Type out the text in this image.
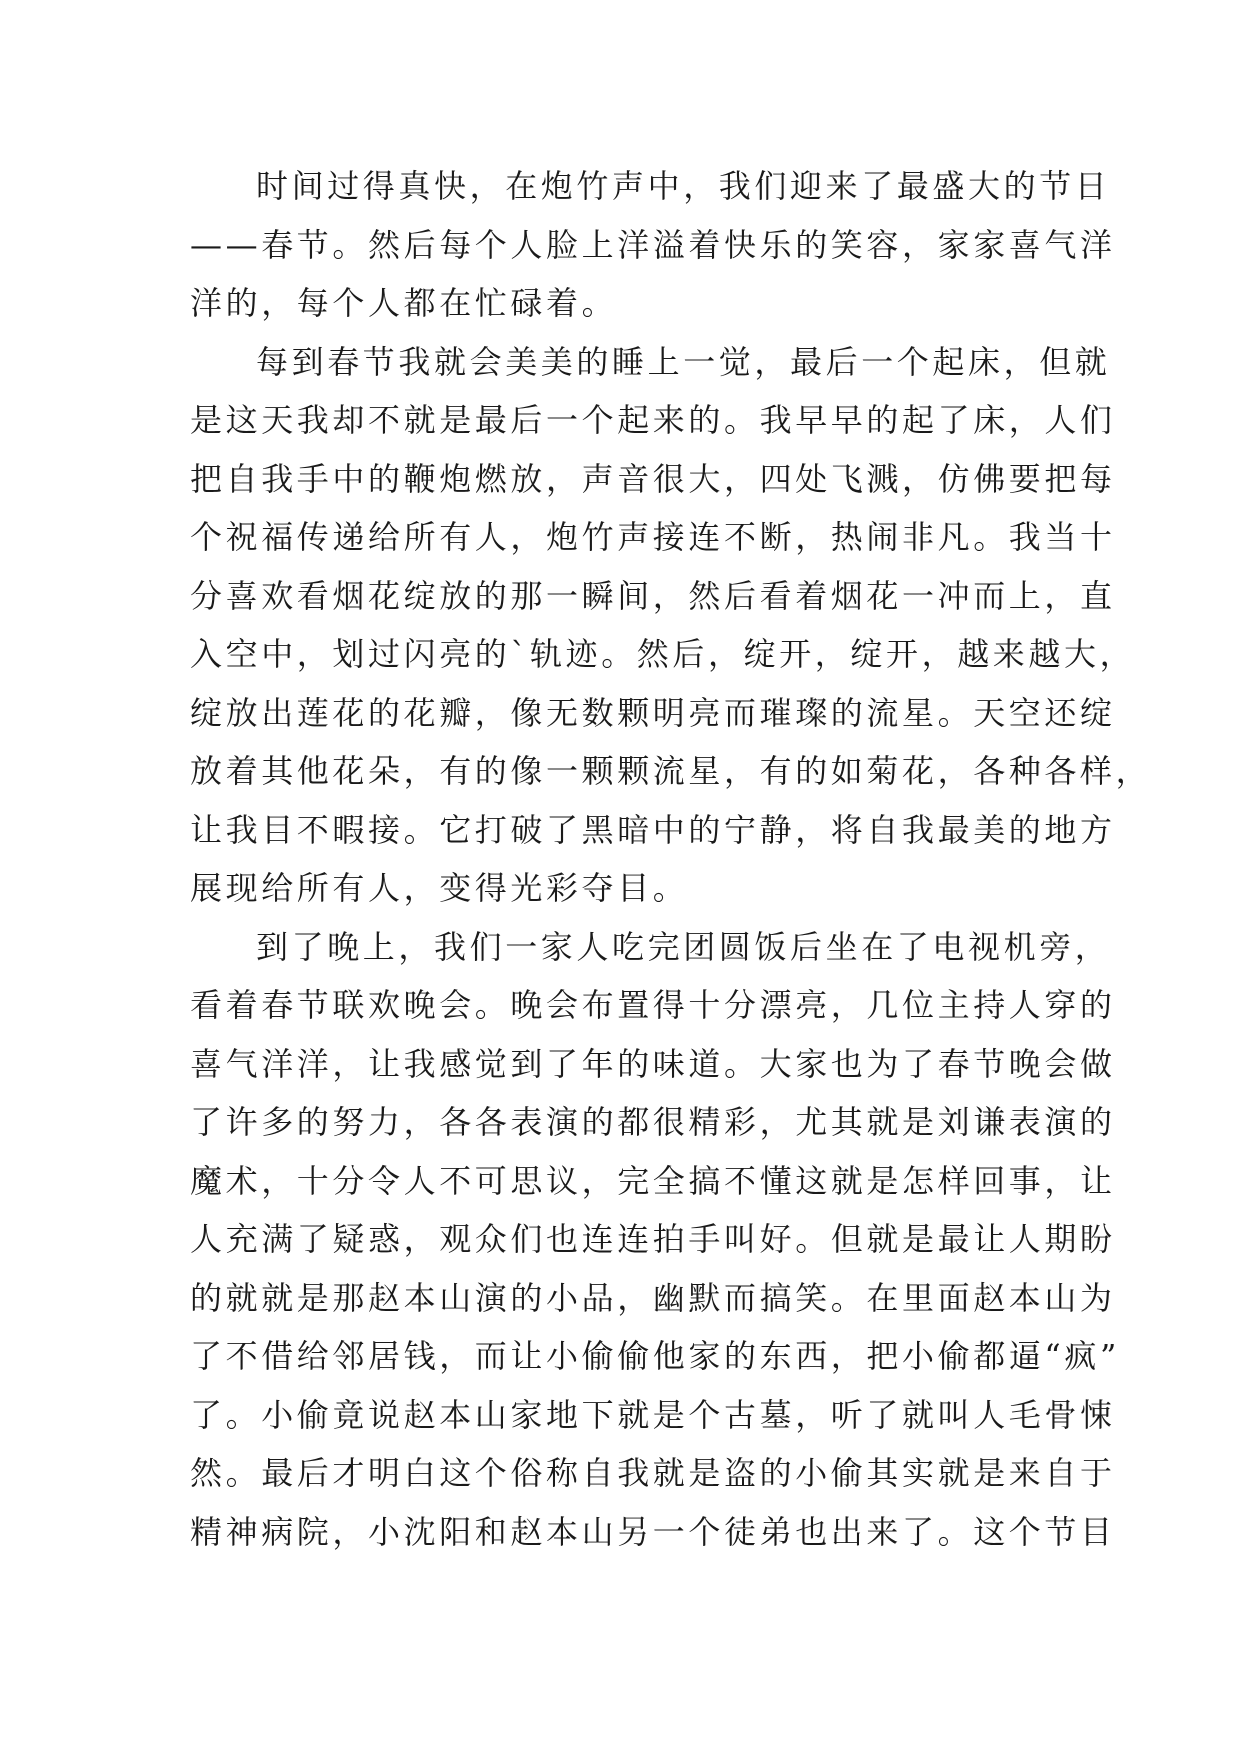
时间过得真快，在炮竹声中，我们迎来了最盛大的节日
——春节。然后每个人脸上洋溢着快乐的笑容，家家喜气洋
洋的，每个人都在忙碌着。

每到春节我就会美美的睡上一觉，最后一个起床，但就
是这天我却不就是最后一个起来的。我早早的起了床，人们
把自我手中的鞭炮燃放，声音很大，四处飞溅，仿佛要把每
个祝福传递给所有人，炮竹声接连不断，热闹非凡。我当十
分喜欢看烟花绽放的那一瞬间，然后看着烟花一冲而上，直
入空中，划过闪亮的`轨迹。然后，绽开，绽开，越来越大，
绽放出莲花的花瓣，像无数颗明亮而璀璨的流星。天空还绽
放着其他花朵，有的像一颗颗流星，有的如菊花，各种各样，
让我目不暇接。它打破了黑暗中的宁静，将自我最美的地方
展现给所有人，变得光彩夺目。

到了晚上，我们一家人吃完团圆饭后坐在了电视机旁，
看着春节联欢晚会。晚会布置得十分漂亮，几位主持人穿的
喜气洋洋，让我感觉到了年的味道。大家也为了春节晚会做
了许多的努力，各各表演的都很精彩，尤其就是刘谦表演的
魔术，十分令人不可思议，完全搞不懂这就是怎样回事，让
人充满了疑惑，观众们也连连拍手叫好。但就是最让人期盼
的就就是那赵本山演的小品，幽默而搞笑。在里面赵本山为
了不借给邻居钱，而让小偷偷他家的东西，把小偷都逼“疯”
了。小偷竟说赵本山家地下就是个古墓，听了就叫人毛骨悚
然。最后才明白这个俗称自我就是盗的小偷其实就是来自于
精神病院，小沈阳和赵本山另一个徒弟也出来了。这个节目
